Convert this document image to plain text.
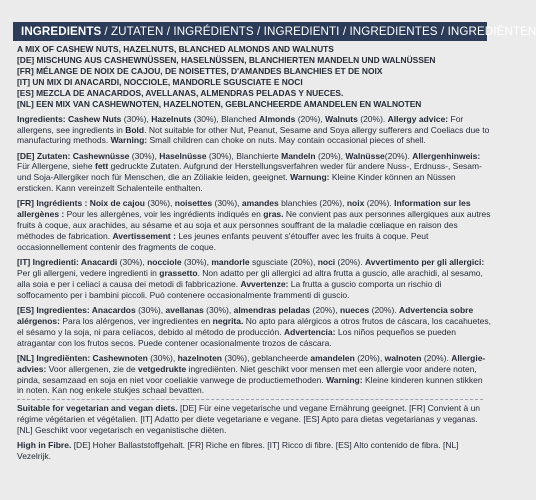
INGREDIENTS / ZUTATEN / INGRÉDIENTS / INGREDIENTI / INGREDIENTES / INGREDIËNTEN
A MIX OF CASHEW NUTS, HAZELNUTS, BLANCHED ALMONDS AND WALNUTS
[DE] MISCHUNG AUS CASHEWNÜSSEN, HASELNÜSSEN, BLANCHIERTEN MANDELN UND WALNÜSSEN
[FR] MÉLANGE DE NOIX DE CAJOU, DE NOISETTES, D'AMANDES BLANCHIES ET DE NOIX
[IT] UN MIX DI ANACARDI, NOCCIOLE, MANDORLE SGUSCIATE E NOCI
[ES] MEZCLA DE ANACARDOS, AVELLANAS, ALMENDRAS PELADAS Y NUECES.
[NL] EEN MIX VAN CASHEWNOTEN, HAZELNOTEN, GEBLANCHEERDE AMANDELEN EN WALNOTEN

Ingredients: Cashew Nuts (30%), Hazelnuts (30%), Blanched Almonds (20%), Walnuts (20%). Allergy advice: For allergens, see ingredients in Bold. Not suitable for other Nut, Peanut, Sesame and Soya allergy sufferers and Coeliacs due to manufacturing methods. Warning: Small children can choke on nuts. May contain occasional pieces of shell.

[DE] Zutaten: Cashewnüsse (30%), Haselnüsse (30%), Blanchierte Mandeln (20%), Walnüsse(20%). Allergenhinweis: Für Allergene, siehe fett gedruckte Zutaten. Aufgrund der Herstellungsverfahren weder für andere Nuss-, Erdnuss-, Sesam- und Soja-Allergiker noch für Menschen, die an Zöliakie leiden, geeignet. Warnung: Kleine Kinder können an Nüssen ersticken. Kann vereinzelt Schalenteile enthalten.

[FR] Ingrédients : Noix de cajou (30%), noisettes (30%), amandes blanchies (20%), noix (20%). Information sur les allergènes : Pour les allergènes, voir les ingrédients indiqués en gras. Ne convient pas aux personnes allergiques aux autres fruits à coque, aux arachides, au sésame et au soja et aux personnes souffrant de la maladie cœliaque en raison des méthodes de fabrication. Avertissement : Les jeunes enfants peuvent s'étouffer avec les fruits à coque. Peut occasionnellement contenir des fragments de coque.

[IT] Ingredienti: Anacardi (30%), nocciole (30%), mandorle sgusciate (20%), noci (20%). Avvertimento per gli allergici: Per gli allergeni, vedere ingredienti in grassetto. Non adatto per gli allergici ad altra frutta a guscio, alle arachidi, al sesamo, alla soia e per i celiaci a causa dei metodi di fabbricazione. Avvertenze: La frutta a guscio comporta un rischio di soffocamento per i bambini piccoli. Può contenere occasionalmente frammenti di guscio.

[ES] Ingredientes: Anacardos (30%), avellanas (30%), almendras peladas (20%), nueces (20%). Advertencia sobre alérgenos: Para los alérgenos, ver ingredientes en negrita. No apto para alérgicos a otros frutos de cáscara, los cacahuetes, el sésamo y la soja, ni para celíacos, debido al método de producción. Advertencia: Los niños pequeños se pueden atragantar con los frutos secos. Puede contener ocasionalmente trozos de cáscara.

[NL] Ingrediënten: Cashewnoten (30%), hazelnoten (30%), geblancheerde amandelen (20%), walnoten (20%). Allergie-advies: Voor allergenen, zie de vetgedrukte ingrediënten. Niet geschikt voor mensen met een allergie voor andere noten, pinda, sesamzaad en soja en niet voor coeliakie vanwege de productiemethoden. Warning: Kleine kinderen kunnen stikken in noten. Kan nog enkele stukjes schaal bevatten.

Suitable for vegetarian and vegan diets. [DE] Für eine vegetarische und vegane Ernährung geeignet. [FR] Convient à un régime végétarien et végétalien. [IT] Adatto per diete vegetariane e vegane. [ES] Apto para dietas vegetarianas y veganas. [NL] Geschikt voor vegetarisch en veganistische diëten.

High in Fibre. [DE] Hoher Ballaststoffgehalt. [FR] Riche en fibres. [IT] Ricco di fibre. [ES] Alto contenido de fibra. [NL] Vezelrijk.
